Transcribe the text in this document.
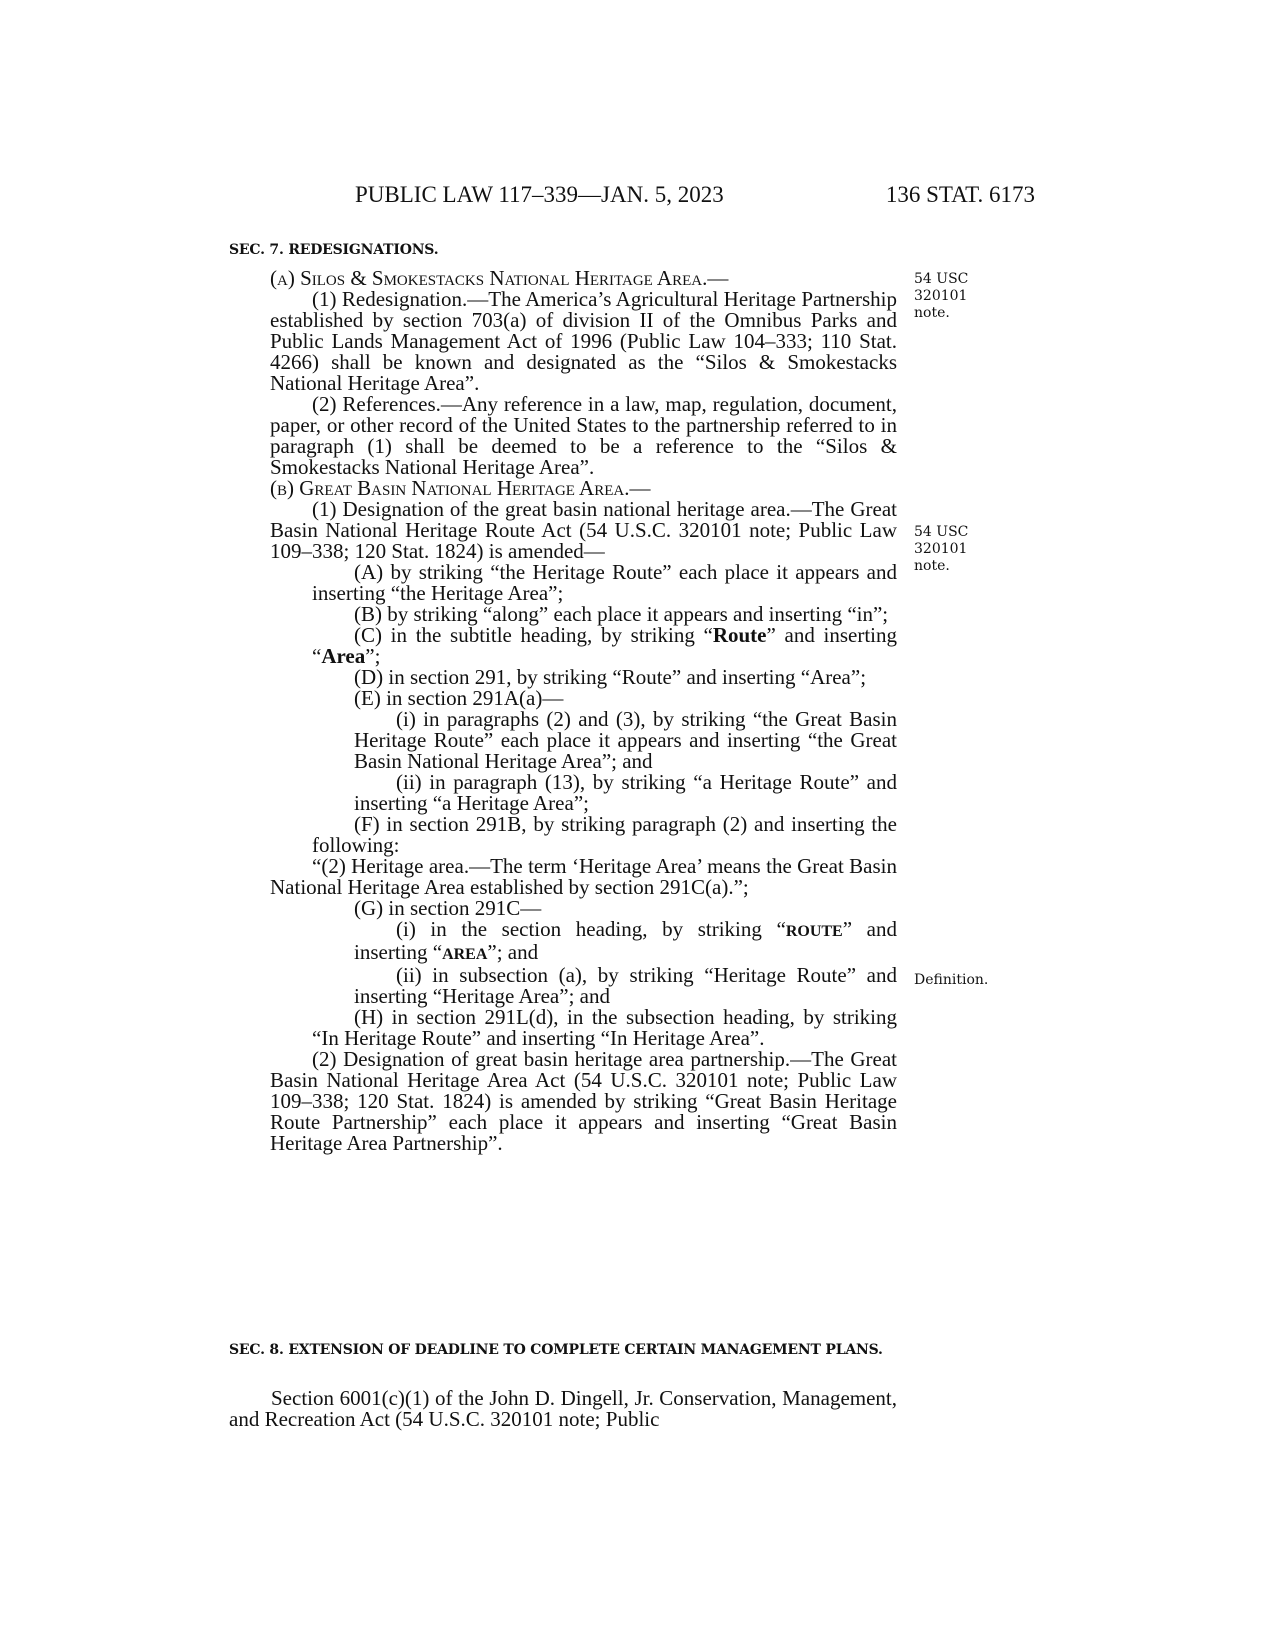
PUBLIC LAW 117–339—JAN. 5, 2023	136 STAT. 6173
SEC. 7. REDESIGNATIONS.

(a) Silos & Smokestacks National Heritage Area.—

(1) Redesignation.—The America’s Agricultural Heritage Partnership established by section 703(a) of division II of the Omnibus Parks and Public Lands Management Act of 1996 (Public Law 104–333; 110 Stat. 4266) shall be known and designated as the “Silos & Smokestacks National Heritage Area”.

(2) References.—Any reference in a law, map, regulation, document, paper, or other record of the United States to the partnership referred to in paragraph (1) shall be deemed to be a reference to the “Silos & Smokestacks National Heritage Area”.

(b) Great Basin National Heritage Area.—

(1) Designation of the great basin national heritage area.—The Great Basin National Heritage Route Act (54 U.S.C. 320101 note; Public Law 109–338; 120 Stat. 1824) is amended—

(A) by striking “the Heritage Route” each place it appears and inserting “the Heritage Area”;

(B) by striking “along” each place it appears and inserting “in”;

(C) in the subtitle heading, by striking “Route” and inserting “Area”;

(D) in section 291, by striking “Route” and inserting “Area”;

(E) in section 291A(a)—

(i) in paragraphs (2) and (3), by striking “the Great Basin Heritage Route” each place it appears and inserting “the Great Basin National Heritage Area”; and

(ii) in paragraph (13), by striking “a Heritage Route” and inserting “a Heritage Area”;

(F) in section 291B, by striking paragraph (2) and inserting the following:

“(2) Heritage area.—The term ‘Heritage Area’ means the Great Basin National Heritage Area established by section 291C(a).”;

(G) in section 291C—

(i) in the section heading, by striking “ROUTE” and inserting “AREA”; and

(ii) in subsection (a), by striking “Heritage Route” and inserting “Heritage Area”; and

(H) in section 291L(d), in the subsection heading, by striking “In Heritage Route” and inserting “In Heritage Area”.

(2) Designation of great basin heritage area partnership.—The Great Basin National Heritage Area Act (54 U.S.C. 320101 note; Public Law 109–338; 120 Stat. 1824) is amended by striking “Great Basin Heritage Route Partnership” each place it appears and inserting “Great Basin Heritage Area Partnership”.

SEC. 8. EXTENSION OF DEADLINE TO COMPLETE CERTAIN MANAGEMENT PLANS.

Section 6001(c)(1) of the John D. Dingell, Jr. Conservation, Management, and Recreation Act (54 U.S.C. 320101 note; Public

54 USC 320101 note.
54 USC 320101 note.
Definition.
